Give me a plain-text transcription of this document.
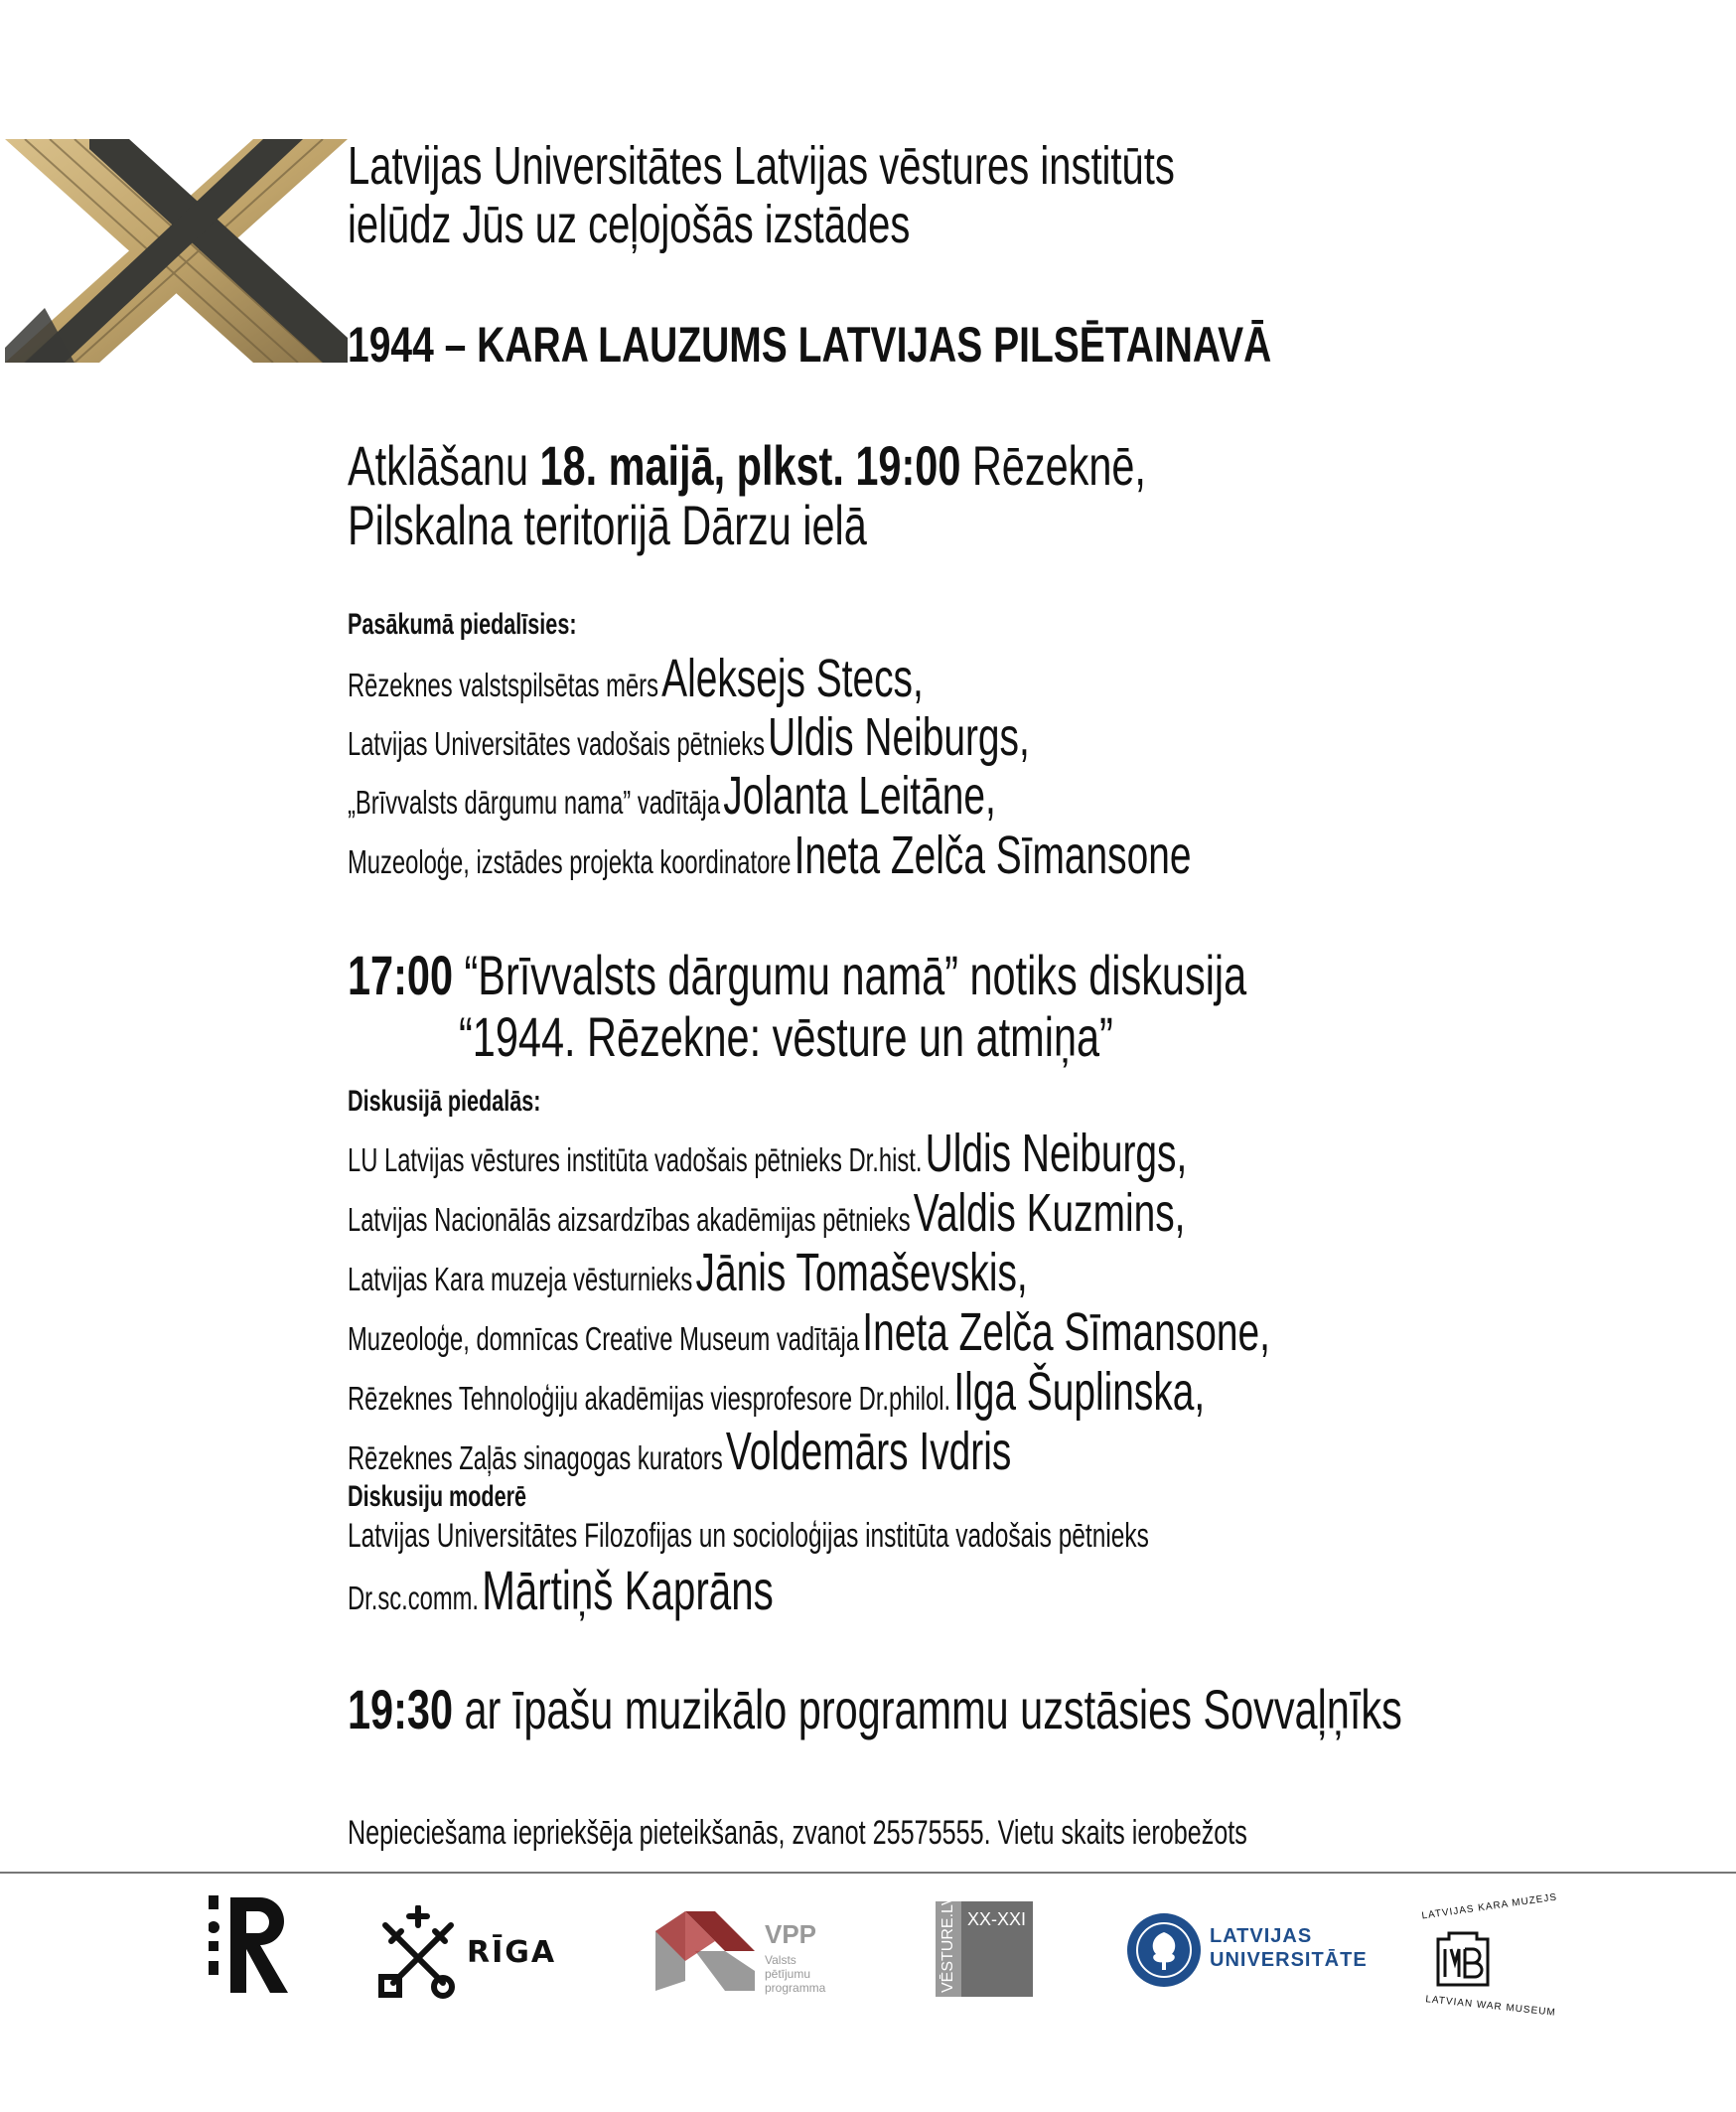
Latvijas Universitātes Latvijas vēstures institūts
ielūdz Jūs uz ceļojošās izstādes
1944 – KARA LAUZUMS LATVIJAS PILSĒTAINAVĀ
Atklāšanu 18. maijā, plkst. 19:00 Rēzeknē,
Pilskalna teritorijā Dārzu ielā
Pasākumā piedalīsies:
Rēzeknes valstspilsētas mērs Aleksejs Stecs,
Latvijas Universitātes vadošais pētnieks Uldis Neiburgs,
„Brīvvalsts dārgumu nama” vadītāja Jolanta Leitāne,
Muzeoloģe, izstādes projekta koordinatore Ineta Zelča Sīmansone
17:00 “Brīvvalsts dārgumu namā” notiks diskusija
“1944. Rēzekne: vēsture un atmiņa”
Diskusijā piedalās:
LU Latvijas vēstures institūta vadošais pētnieks Dr.hist. Uldis Neiburgs,
Latvijas Nacionālās aizsardzības akadēmijas pētnieks Valdis Kuzmins,
Latvijas Kara muzeja vēsturnieks Jānis Tomaševskis,
Muzeoloģe, domnīcas Creative Museum vadītāja Ineta Zelča Sīmansone,
Rēzeknes Tehnoloģiju akadēmijas viesprofesore Dr.philol. Ilga Šuplinska,
Rēzeknes Zaļās sinagogas kurators Voldemārs Ivdris
Diskusiju moderē
Latvijas Universitātes Filozofijas un socioloģijas institūta vadošais pētnieks
Dr.sc.comm. Mārtiņš Kaprāns
19:30 ar īpašu muzikālo programmu uzstāsies Sovvaļņīks
Nepieciešama iepriekšēja pieteikšanās, zvanot 25575555. Vietu skaits ierobežots
RĪGA
VPP
Valsts pētījumu programma	VĒSTURE.LV XX-XXI
LATVIJAS
UNIVERSITĀTE
LATVIJAS KARA MUZEJS
LATVIAN WAR MUSEUM
